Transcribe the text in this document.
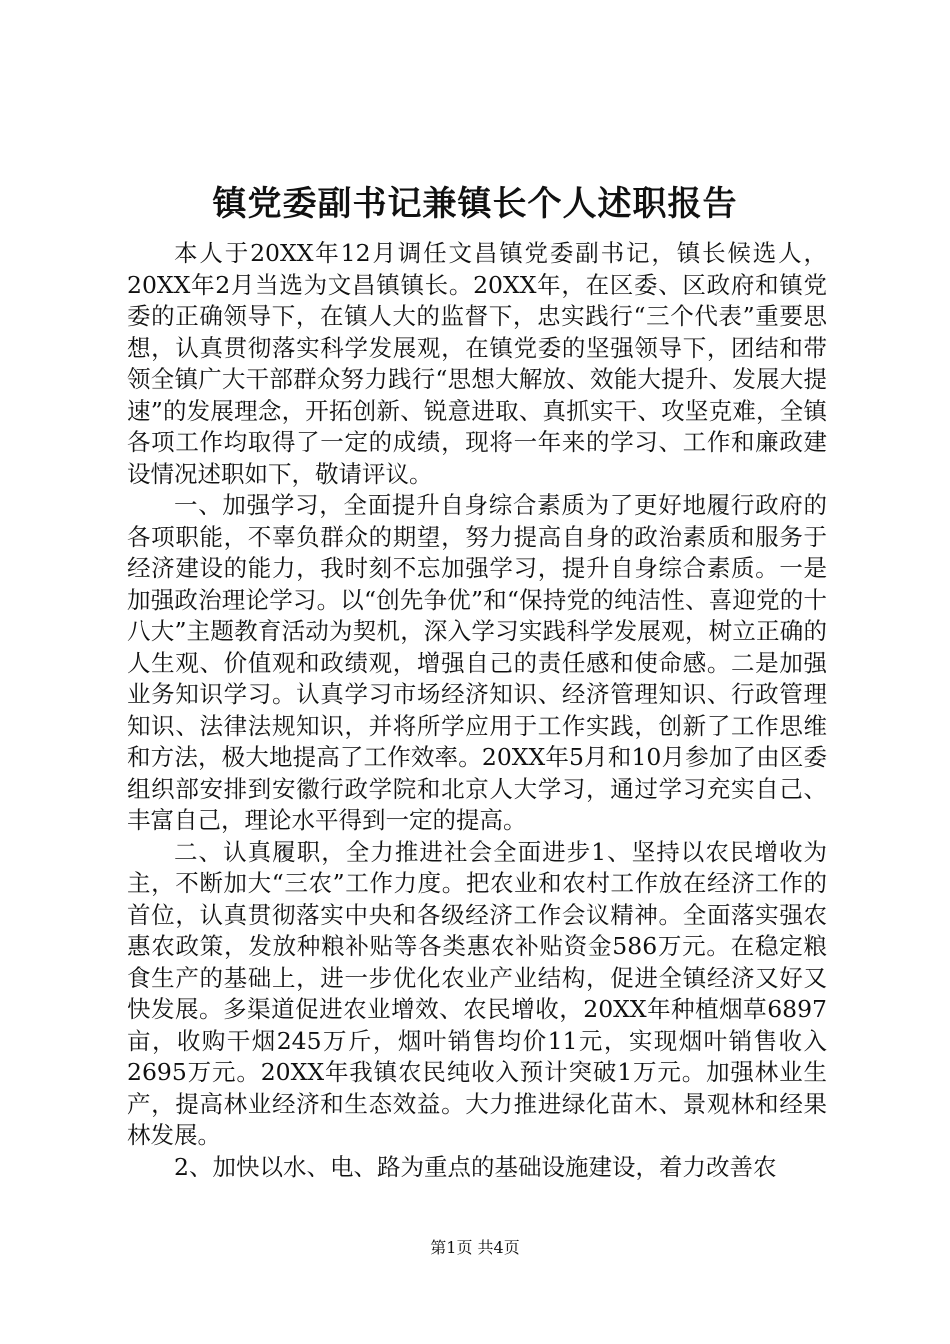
镇党委副书记兼镇长个人述职报告

本人于20XX年12月调任文昌镇党委副书记，镇长候选人，20XX年2月当选为文昌镇镇长。20XX年，在区委、区政府和镇党委的正确领导下，在镇人大的监督下，忠实践行“三个代表”重要思想，认真贯彻落实科学发展观，在镇党委的坚强领导下，团结和带领全镇广大干部群众努力践行“思想大解放、效能大提升、发展大提速”的发展理念，开拓创新、锐意进取、真抓实干、攻坚克难，全镇各项工作均取得了一定的成绩，现将一年来的学习、工作和廉政建设情况述职如下，敬请评议。

一、加强学习，全面提升自身综合素质为了更好地履行政府的各项职能，不辜负群众的期望，努力提高自身的政治素质和服务于经济建设的能力，我时刻不忘加强学习，提升自身综合素质。一是加强政治理论学习。以“创先争优”和“保持党的纯洁性、喜迎党的十八大”主题教育活动为契机，深入学习实践科学发展观，树立正确的人生观、价值观和政绩观，增强自己的责任感和使命感。二是加强业务知识学习。认真学习市场经济知识、经济管理知识、行政管理知识、法律法规知识，并将所学应用于工作实践，创新了工作思维和方法，极大地提高了工作效率。20XX年5月和10月参加了由区委组织部安排到安徽行政学院和北京人大学习，通过学习充实自己、丰富自己，理论水平得到一定的提高。

二、认真履职，全力推进社会全面进步1、坚持以农民增收为主，不断加大“三农”工作力度。把农业和农村工作放在经济工作的首位，认真贯彻落实中央和各级经济工作会议精神。全面落实强农惠农政策，发放种粮补贴等各类惠农补贴资金586万元。在稳定粮食生产的基础上，进一步优化农业产业结构，促进全镇经济又好又快发展。多渠道促进农业增效、农民增收，20XX年种植烟草6897亩，收购干烟245万斤，烟叶销售均价11元，实现烟叶销售收入2695万元。20XX年我镇农民纯收入预计突破1万元。加强林业生产，提高林业经济和生态效益。大力推进绿化苗木、景观林和经果林发展。

2、加快以水、电、路为重点的基础设施建设，着力改善农

第1页 共4页
